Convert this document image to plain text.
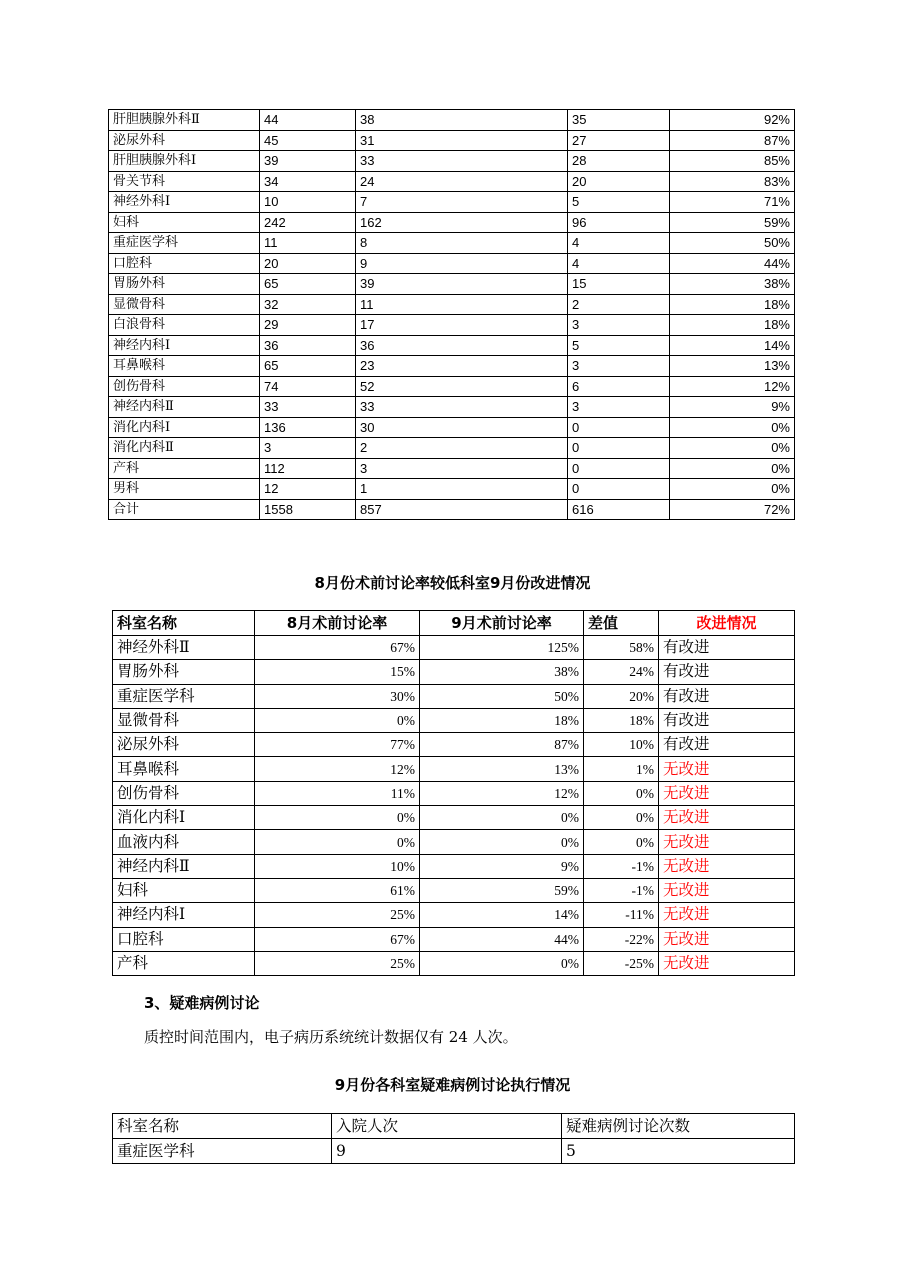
肝胆胰腺外科Ⅱ	44	38	35	92%
泌尿外科	45	31	27	87%
肝胆胰腺外科Ⅰ	39	33	28	85%
骨关节科	34	24	20	83%
神经外科Ⅰ	10	7	5	71%
妇科	242	162	96	59%
重症医学科	11	8	4	50%
口腔科	20	9	4	44%
胃肠外科	65	39	15	38%
显微骨科	32	11	2	18%
白浪骨科	29	17	3	18%
神经内科Ⅰ	36	36	5	14%
耳鼻喉科	65	23	3	13%
创伤骨科	74	52	6	12%
神经内科Ⅱ	33	33	3	9%
消化内科Ⅰ	136	30	0	0%
消化内科Ⅱ	3	2	0	0%
产科	112	3	0	0%
男科	12	1	0	0%
合计	1558	857	616	72%
8月份术前讨论率较低科室9月份改进情况
科室名称	8月术前讨论率	9月术前讨论率	差值	改进情况
神经外科Ⅱ	67%	125%	58%	有改进
胃肠外科	15%	38%	24%	有改进
重症医学科	30%	50%	20%	有改进
显微骨科	0%	18%	18%	有改进
泌尿外科	77%	87%	10%	有改进
耳鼻喉科	12%	13%	1%	无改进
创伤骨科	11%	12%	0%	无改进
消化内科Ⅰ	0%	0%	0%	无改进
血液内科	0%	0%	0%	无改进
神经内科Ⅱ	10%	9%	-1%	无改进
妇科	61%	59%	-1%	无改进
神经内科Ⅰ	25%	14%	-11%	无改进
口腔科	67%	44%	-22%	无改进
产科	25%	0%	-25%	无改进
3、疑难病例讨论
质控时间范围内，电子病历系统统计数据仅有 24 人次。
9月份各科室疑难病例讨论执行情况
科室名称	入院人次	疑难病例讨论次数
重症医学科	9	5
